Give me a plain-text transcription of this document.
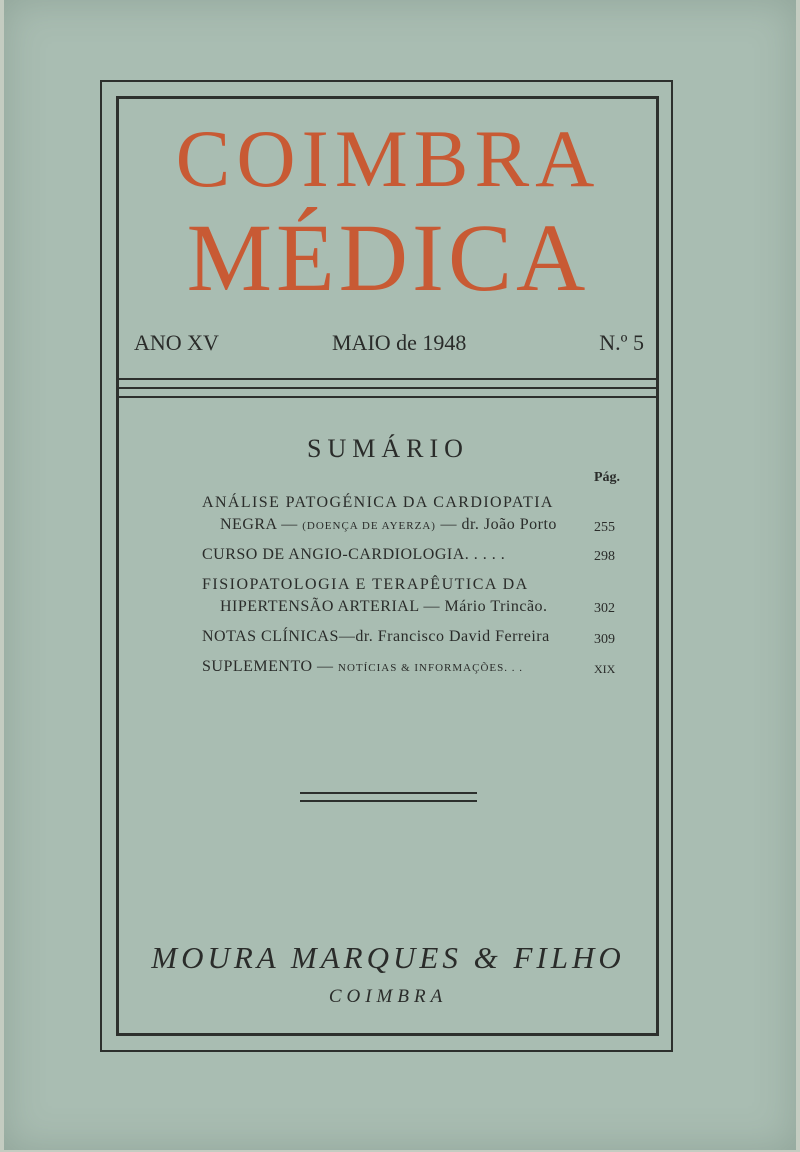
COIMBRA
MÉDICA
ANO XV	MAIO de 1948	N.º 5
SUMÁRIO
Pág.
ANÁLISE PATOGÉNICA DA CARDIOPATIA
NEGRA — (DOENÇA DE AYERZA) — dr. João Porto	255
CURSO DE ANGIO-CARDIOLOGIA. . . . .	298
FISIOPATOLOGIA E TERAPÊUTICA DA
HIPERTENSÃO ARTERIAL — Mário Trincão.	302
NOTAS CLÍNICAS—dr. Francisco David Ferreira	309
SUPLEMENTO — NOTÍCIAS & INFORMAÇÕES. . .	XIX
MOURA MARQUES & FILHO
COIMBRA
